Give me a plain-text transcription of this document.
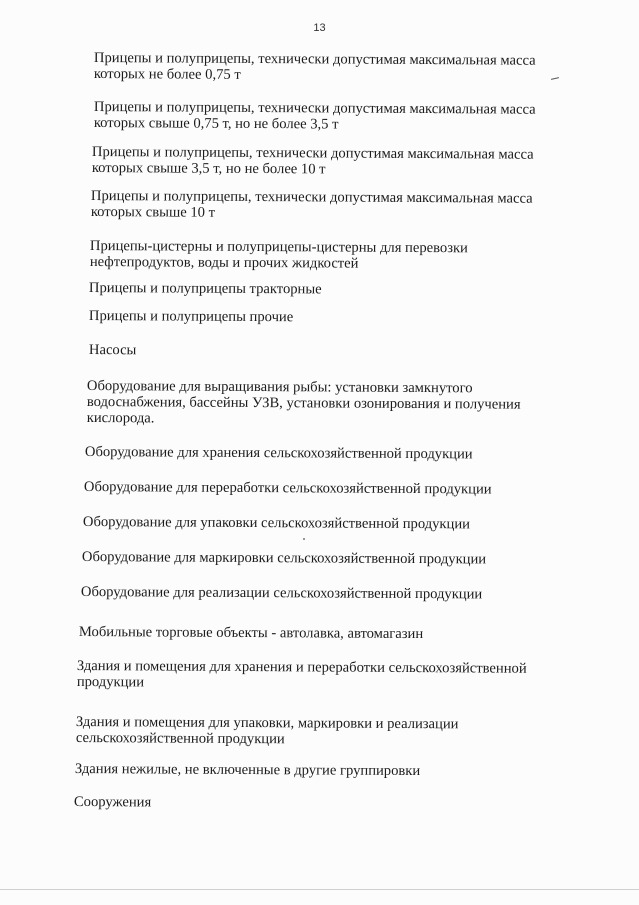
13

Прицепы и полуприцепы, технически допустимая максимальная масса
которых не более 0,75 т

Прицепы и полуприцепы, технически допустимая максимальная масса
которых свыше 0,75 т, но не более 3,5 т

Прицепы и полуприцепы, технически допустимая максимальная масса
которых свыше 3,5 т, но не более 10 т

Прицепы и полуприцепы, технически допустимая максимальная масса
которых свыше 10 т

Прицепы-цистерны и полуприцепы-цистерны для перевозки
нефтепродуктов, воды и прочих жидкостей

Прицепы и полуприцепы тракторные

Прицепы и полуприцепы прочие

Насосы

Оборудование для выращивания рыбы: установки замкнутого
водоснабжения, бассейны УЗВ, установки озонирования и получения
кислорода.

Оборудование для хранения сельскохозяйственной продукции

Оборудование для переработки сельскохозяйственной продукции

Оборудование для упаковки сельскохозяйственной продукции

Оборудование для маркировки сельскохозяйственной продукции

Оборудование для реализации сельскохозяйственной продукции

Мобильные торговые объекты - автолавка, автомагазин

Здания и помещения для хранения и переработки сельскохозяйственной
продукции

Здания и помещения для упаковки, маркировки и реализации
сельскохозяйственной продукции

Здания нежилые, не включенные в другие группировки

Сооружения
